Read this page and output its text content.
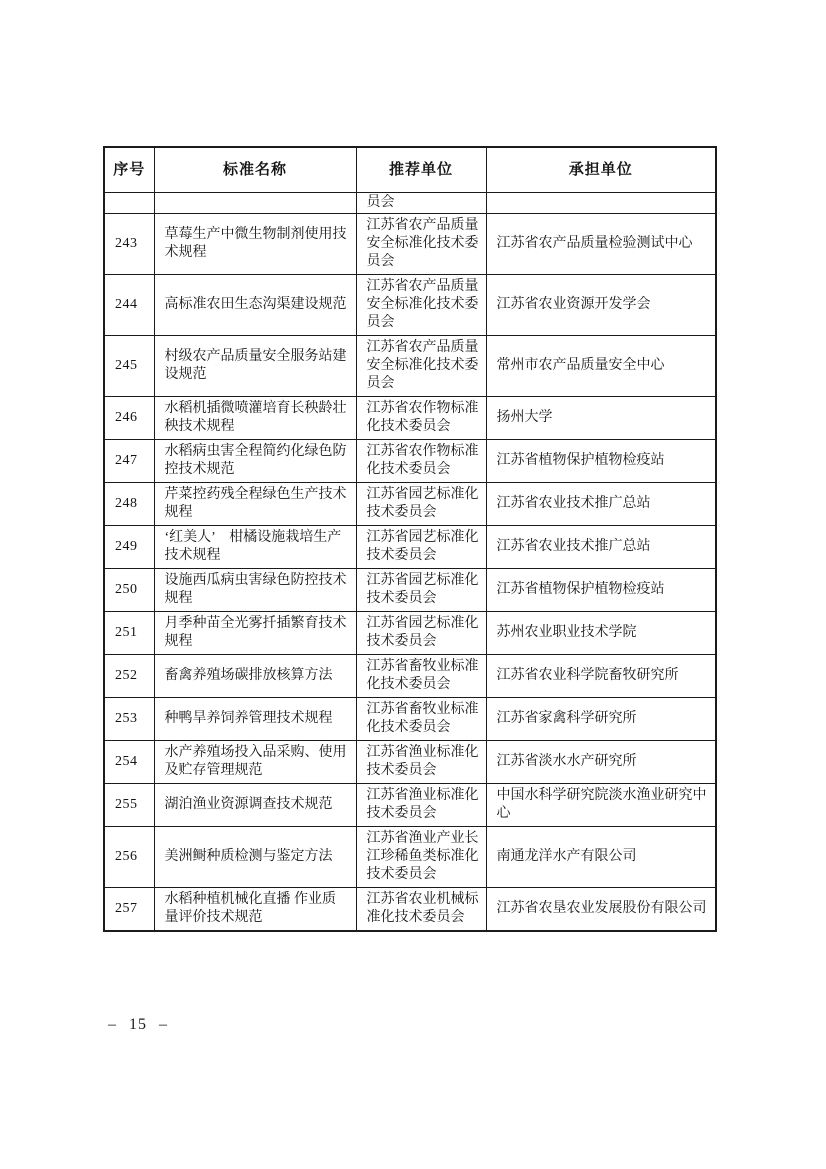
序号	标准名称	推荐单位	承担单位
		员会	
243	草莓生产中微生物制剂使用技术规程	江苏省农产品质量安全标准化技术委员会	江苏省农产品质量检验测试中心
244	高标准农田生态沟渠建设规范	江苏省农产品质量安全标准化技术委员会	江苏省农业资源开发学会
245	村级农产品质量安全服务站建设规范	江苏省农产品质量安全标准化技术委员会	常州市农产品质量安全中心
246	水稻机插微喷灌培育长秧龄壮秧技术规程	江苏省农作物标准化技术委员会	扬州大学
247	水稻病虫害全程简约化绿色防控技术规范	江苏省农作物标准化技术委员会	江苏省植物保护植物检疫站
248	芹菜控药残全程绿色生产技术规程	江苏省园艺标准化技术委员会	江苏省农业技术推广总站
249	‘红美人’　柑橘设施栽培生产技术规程	江苏省园艺标准化技术委员会	江苏省农业技术推广总站
250	设施西瓜病虫害绿色防控技术规程	江苏省园艺标准化技术委员会	江苏省植物保护植物检疫站
251	月季种苗全光雾扦插繁育技术规程	江苏省园艺标准化技术委员会	苏州农业职业技术学院
252	畜禽养殖场碳排放核算方法	江苏省畜牧业标准化技术委员会	江苏省农业科学院畜牧研究所
253	种鸭旱养饲养管理技术规程	江苏省畜牧业标准化技术委员会	江苏省家禽科学研究所
254	水产养殖场投入品采购、使用及贮存管理规范	江苏省渔业标准化技术委员会	江苏省淡水水产研究所
255	湖泊渔业资源调查技术规范	江苏省渔业标准化技术委员会	中国水科学研究院淡水渔业研究中心
256	美洲鲥种质检测与鉴定方法	江苏省渔业产业长江珍稀鱼类标准化技术委员会	南通龙洋水产有限公司
257	水稻种植机械化直播 作业质量评价技术规范	江苏省农业机械标准化技术委员会	江苏省农垦农业发展股份有限公司
– 15 –
